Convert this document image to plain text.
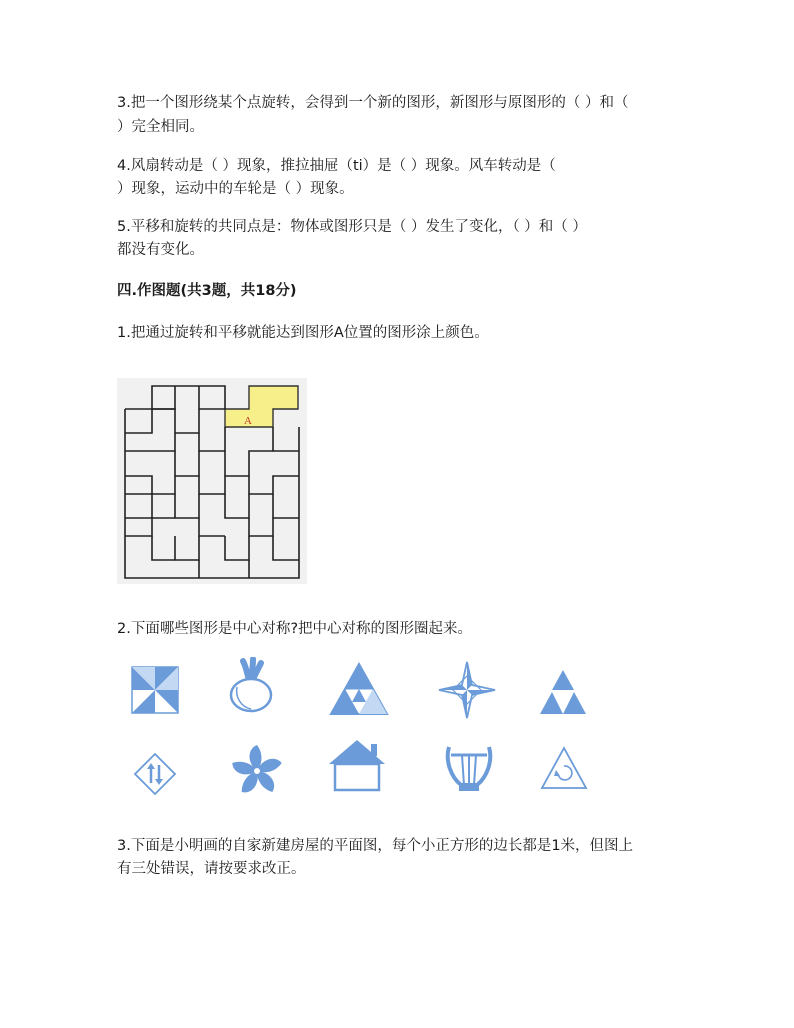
3.把一个图形绕某个点旋转，会得到一个新的图形，新图形与原图形的（ ）和（
）完全相同。
4.风扇转动是（ ）现象，推拉抽屉（ti）是（ ）现象。风车转动是（
）现象，运动中的车轮是（ ）现象。
5.平移和旋转的共同点是：物体或图形只是（ ）发生了变化，（ ）和（ ）
都没有变化。
四.作图题(共3题，共18分)
1.把通过旋转和平移就能达到图形A位置的图形涂上颜色。
A
2.下面哪些图形是中心对称?把中心对称的图形圈起来。
3.下面是小明画的自家新建房屋的平面图，每个小正方形的边长都是1米，但图上
有三处错误，请按要求改正。
